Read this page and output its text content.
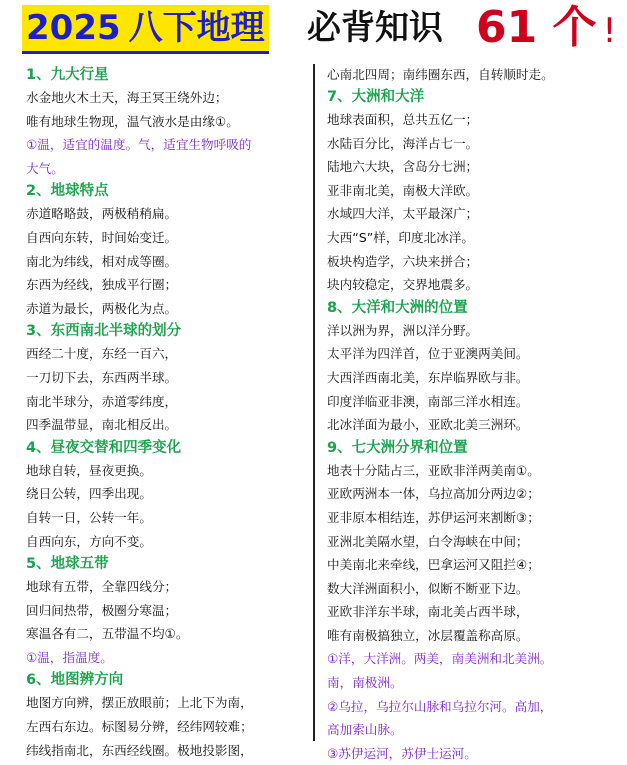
2025 八下地理 必背知识 61 个 !
1、九大行星
水金地火木土天，海王冥王绕外边；
唯有地球生物现，温气液水是由缘①。
①温，适宜的温度。气，适宜生物呼吸的
大气。
2、地球特点
赤道略略鼓，两极稍稍扁。
自西向东转，时间始变迁。
南北为纬线，相对成等圈。
东西为经线，独成平行圈；
赤道为最长，两极化为点。
3、东西南北半球的划分
西经二十度，东经一百六，
一刀切下去，东西两半球。
南北半球分，赤道零纬度，
四季温带显，南北相反出。
4、昼夜交替和四季变化
地球自转，昼夜更换。
绕日公转，四季出现。
自转一日，公转一年。
自西向东，方向不变。
5、地球五带
地球有五带，全靠四线分；
回归间热带，极圈分寒温；
寒温各有二，五带温不均①。
①温，指温度。
6、地图辨方向
地图方向辨，摆正放眼前；上北下为南，
左西右东边。标图易分辨，经纬网较难；
纬线指南北，东西经线圈。极地投影图，
心南北四周；南纬圈东西，自转顺时走。
7、大洲和大洋
地球表面积，总共五亿一；
水陆百分比，海洋占七一。
陆地六大块，含岛分七洲；
亚非南北美，南极大洋欧。
水域四大洋，太平最深广；
大西“S”样，印度北冰洋。
板块构造学，六块来拼合；
块内较稳定，交界地震多。
8、大洋和大洲的位置
洋以洲为界，洲以洋分野。
太平洋为四洋首，位于亚澳两美间。
大西洋西南北美，东岸临界欧与非。
印度洋临亚非澳，南部三洋水相连。
北冰洋面为最小，亚欧北美三洲环。
9、七大洲分界和位置
地表十分陆占三，亚欧非洋两美南①。
亚欧两洲本一体，乌拉高加分两边②；
亚非原本相结连，苏伊运河来割断③；
亚洲北美隔水望，白令海峡在中间；
中美南北来牵线，巴拿运河又阻拦④；
数大洋洲面积小，似断不断亚下边。
亚欧非洋东半球，南北美占西半球，
唯有南极搞独立，冰层覆盖称高原。
①洋，大洋洲。两美，南美洲和北美洲。
南，南极洲。
②乌拉，乌拉尔山脉和乌拉尔河。高加，
高加索山脉。
③苏伊运河，苏伊士运河。
